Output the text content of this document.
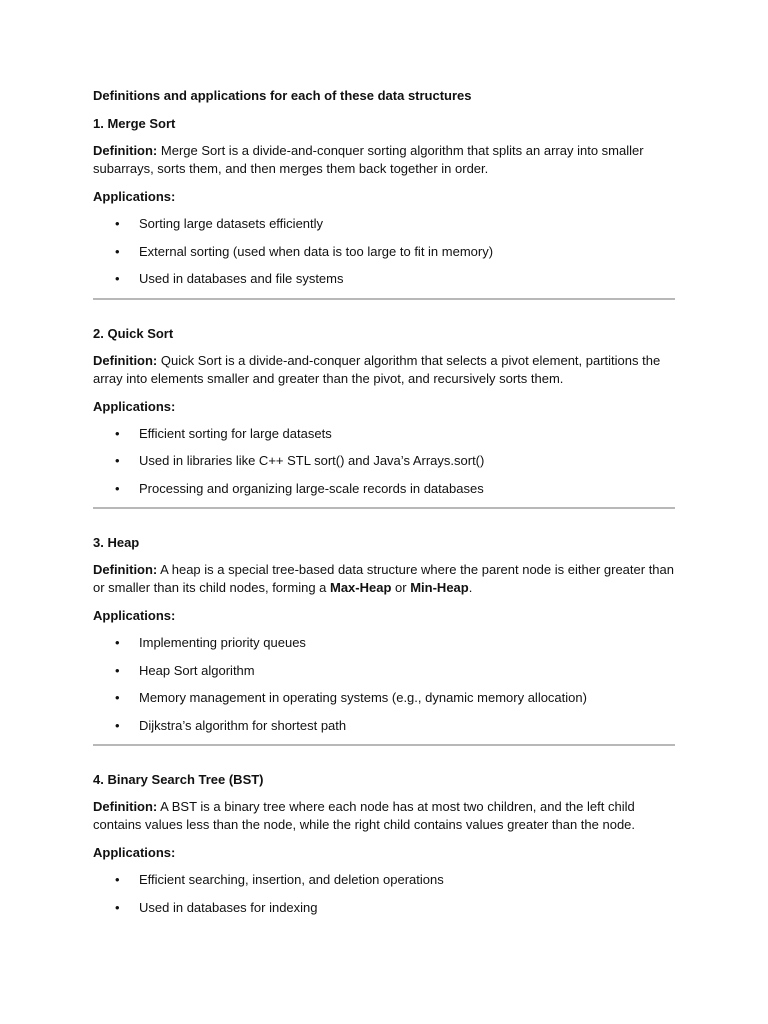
Definitions and applications for each of these data structures

1. Merge Sort

Definition: Merge Sort is a divide-and-conquer sorting algorithm that splits an array into smaller subarrays, sorts them, and then merges them back together in order.

Applications:

• Sorting large datasets efficiently
• External sorting (used when data is too large to fit in memory)
• Used in databases and file systems

2. Quick Sort

Definition: Quick Sort is a divide-and-conquer algorithm that selects a pivot element, partitions the array into elements smaller and greater than the pivot, and recursively sorts them.

Applications:

• Efficient sorting for large datasets
• Used in libraries like C++ STL sort() and Java’s Arrays.sort()
• Processing and organizing large-scale records in databases

3. Heap

Definition: A heap is a special tree-based data structure where the parent node is either greater than or smaller than its child nodes, forming a Max-Heap or Min-Heap.

Applications:

• Implementing priority queues
• Heap Sort algorithm
• Memory management in operating systems (e.g., dynamic memory allocation)
• Dijkstra’s algorithm for shortest path

4. Binary Search Tree (BST)

Definition: A BST is a binary tree where each node has at most two children, and the left child contains values less than the node, while the right child contains values greater than the node.

Applications:

• Efficient searching, insertion, and deletion operations
• Used in databases for indexing
